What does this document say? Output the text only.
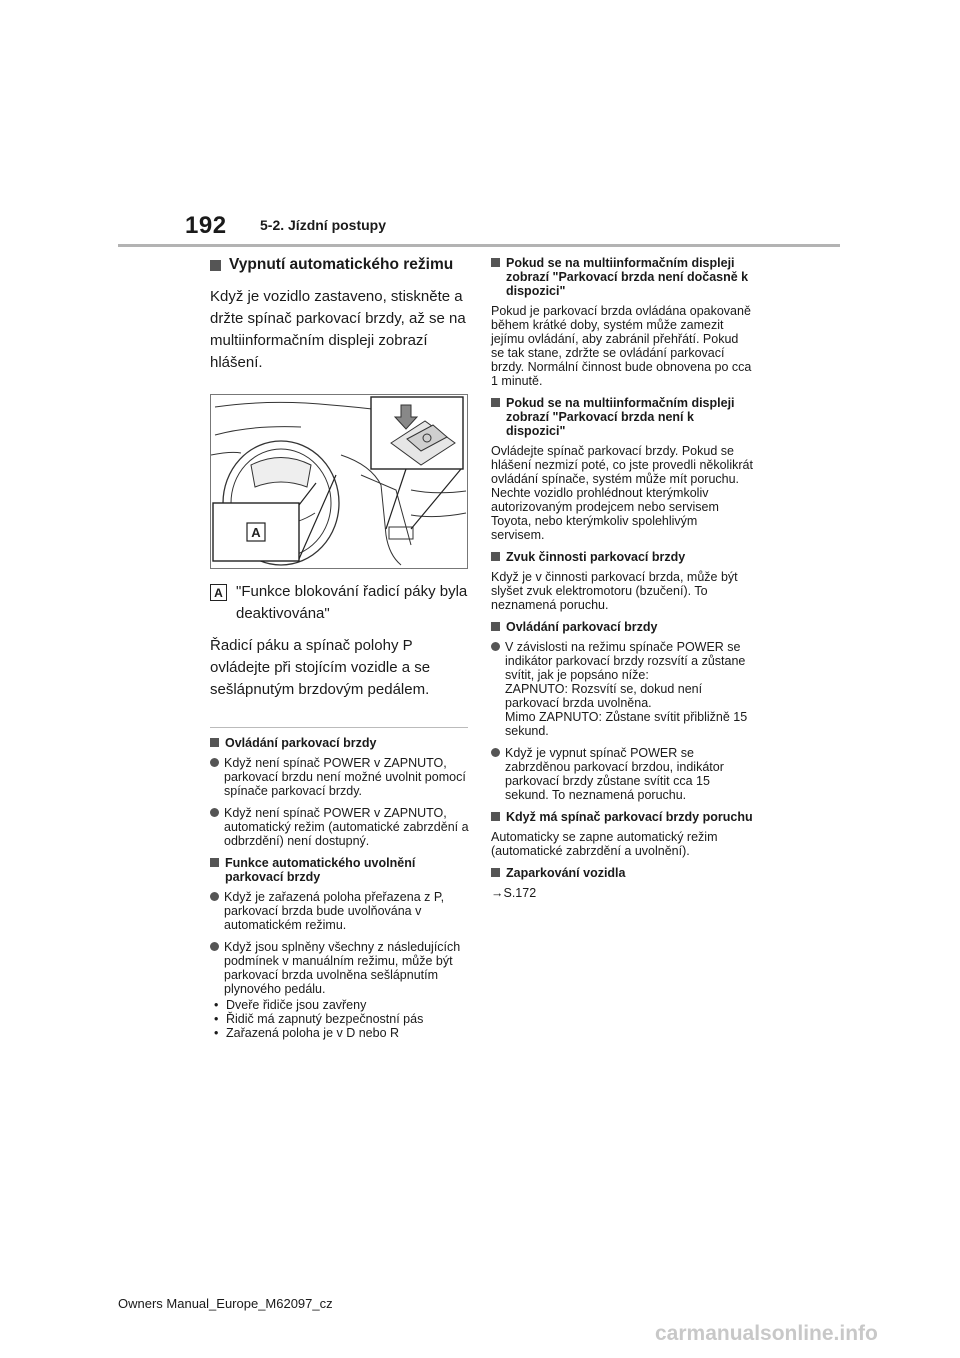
192 5-2. Jízdní postupy
Vypnutí automatického režimu

Když je vozidlo zastaveno, stiskněte a držte spínač parkovací brzdy, až se na multiinformačním displeji zobrazí hlášení.

A
A "Funkce blokování řadicí páky byla deaktivována"

Řadicí páku a spínač polohy P ovládejte při stojícím vozidle a se sešlápnutým brzdovým pedálem.

Ovládání parkovací brzdy
Když není spínač POWER v ZAPNUTO, parkovací brzdu není možné uvolnit pomocí spínače parkovací brzdy.
Když není spínač POWER v ZAPNUTO, automatický režim (automatické zabrzdění a odbrzdění) není dostupný.
Funkce automatického uvolnění parkovací brzdy
Když je zařazená poloha přeřazena z P, parkovací brzda bude uvolňována v automatickém režimu.
Když jsou splněny všechny z následujících podmínek v manuálním režimu, může být parkovací brzda uvolněna sešlápnutím plynového pedálu.
• Dveře řidiče jsou zavřeny
• Řidič má zapnutý bezpečnostní pás
• Zařazená poloha je v D nebo R
Pokud se na multiinformačním displeji zobrazí "Parkovací brzda není dočasně k dispozici"

Pokud je parkovací brzda ovládána opakovaně během krátké doby, systém může zamezit jejímu ovládání, aby zabránil přehřátí. Pokud se tak stane, zdržte se ovládání parkovací brzdy. Normální činnost bude obnovena po cca 1 minutě.

Pokud se na multiinformačním displeji zobrazí "Parkovací brzda není k dispozici"

Ovládejte spínač parkovací brzdy. Pokud se hlášení nezmizí poté, co jste provedli několikrát ovládání spínače, systém může mít poruchu. Nechte vozidlo prohlédnout kterýmkoliv autorizovaným prodejcem nebo servisem Toyota, nebo kterýmkoliv spolehlivým servisem.

Zvuk činnosti parkovací brzdy

Když je v činnosti parkovací brzda, může být slyšet zvuk elektromotoru (bzučení). To neznamená poruchu.

Ovládání parkovací brzdy
V závislosti na režimu spínače POWER se indikátor parkovací brzdy rozsvítí a zůstane svítit, jak je popsáno níže:
ZAPNUTO: Rozsvítí se, dokud není parkovací brzda uvolněna.
Mimo ZAPNUTO: Zůstane svítit přibližně 15 sekund.
Když je vypnut spínač POWER se zabrzděnou parkovací brzdou, indikátor parkovací brzdy zůstane svítit cca 15 sekund. To neznamená poruchu.
Když má spínač parkovací brzdy poruchu

Automaticky se zapne automatický režim (automatické zabrzdění a uvolnění).

Zaparkování vozidla

→S.172

Owners Manual_Europe_M62097_cz
carmanualsonline.info
